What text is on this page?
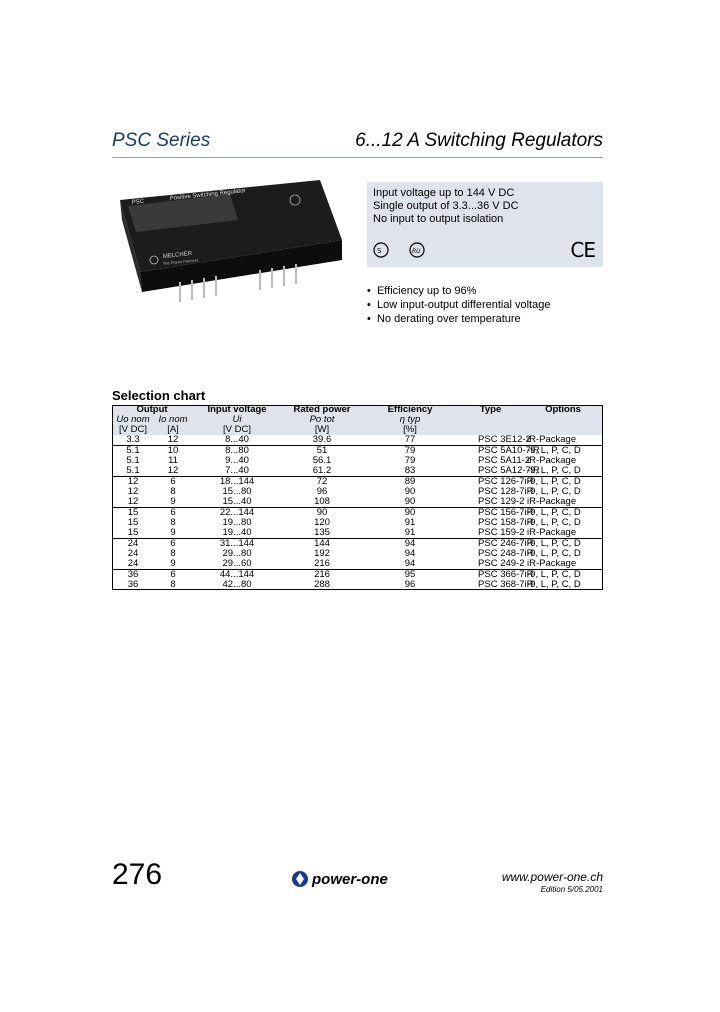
PSC Series	6...12 A Switching Regulators
PSC
Positive Switching Regulator
MELCHER
The Power Partners
Input voltage up to 144 V DC
Single output of 3.3...36 V DC
No input to output isolation
S	RU	CE
•  Efficiency up to 96%
•  Low input-output differential voltage
•  No derating over temperature
Selection chart
Output		Input voltage	Rated power	Efficiency	Type	Options
Uo nom	Io nom	Ui	Po tot	η typ		
[V DC]	[A]	[V DC]	[W]	[%]		
3.3	12	8...40	39.6	77	PSC 3E12-2	iR-Package
5.1	10	8...80	51	79	PSC 5A10-7iR	-9, L, P, C, D
5.1	11	9...40	56.1	79	PSC 5A11-2	iR-Package
5.1	12	7...40	61.2	83	PSC 5A12-7iR	-9, L, P, C, D
12	6	18...144	72	89	PSC 126-7iR	-9, L, P, C, D
12	8	15...80	96	90	PSC 128-7iR	-9, L, P, C, D
12	9	15...40	108	90	PSC 129-2	iR-Package
15	6	22...144	90	90	PSC 156-7iR	-9, L, P, C, D
15	8	19...80	120	91	PSC 158-7iR	-9, L, P, C, D
15	9	19...40	135	91	PSC 159-2	iR-Package
24	6	31...144	144	94	PSC 246-7iR	-9, L, P, C, D
24	8	29...80	192	94	PSC 248-7iR	-9, L, P, C, D
24	9	29...60	216	94	PSC 249-2	iR-Package
36	6	44...144	216	95	PSC 366-7iR	-9, L, P, C, D
36	8	42...80	288	96	PSC 368-7iR	-9, L, P, C, D
276	power-one	www.power-one.ch
Edition 5/05.2001
